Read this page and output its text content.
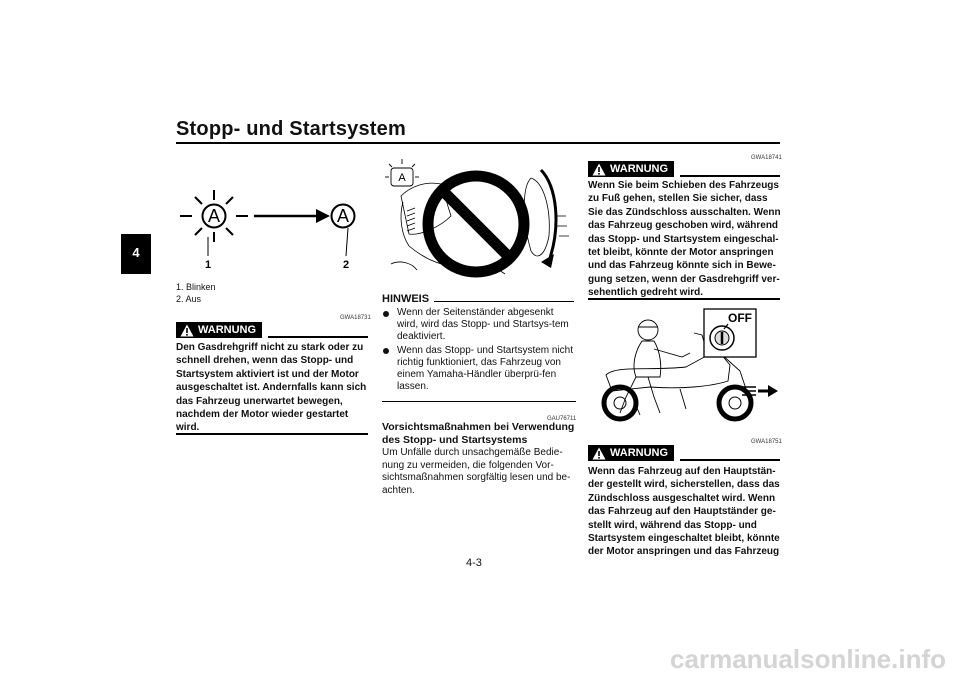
Stopp- und Startsystem
4
A	A
1	2
1. Blinken
2. Aus
GWA18731
WARNUNG
Den Gasdrehgriff nicht zu stark oder zu schnell drehen, wenn das Stopp- und Startsystem aktiviert ist und der Motor ausgeschaltet ist. Andernfalls kann sich das Fahrzeug unerwartet bewegen, nachdem der Motor wieder gestartet wird.
A
HINWEIS
Wenn der Seitenständer abgesenkt wird, wird das Stopp- und Startsys-tem deaktiviert.
Wenn das Stopp- und Startsystem nicht richtig funktioniert, das Fahrzeug von einem Yamaha-Händler überprü-fen lassen.
GAU76711
Vorsichtsmaßnahmen bei Verwendung des Stopp- und Startsystems
Um Unfälle durch unsachgemäße Bedie-nung zu vermeiden, die folgenden Vor-sichtsmaßnahmen sorgfältig lesen und be-achten.
GWA18741
WARNUNG
Wenn Sie beim Schieben des Fahrzeugs zu Fuß gehen, stellen Sie sicher, dass Sie das Zündschloss ausschalten. Wenn das Fahrzeug geschoben wird, während das Stopp- und Startsystem eingeschal-tet bleibt, könnte der Motor anspringen und das Fahrzeug könnte sich in Bewe-gung setzen, wenn der Gasdrehgriff ver-sehentlich gedreht wird.
OFF
GWA18751
WARNUNG
Wenn das Fahrzeug auf den Hauptstän-der gestellt wird, sicherstellen, dass das Zündschloss ausgeschaltet wird. Wenn das Fahrzeug auf den Hauptständer ge-stellt wird, während das Stopp- und Startsystem eingeschaltet bleibt, könnte der Motor anspringen und das Fahrzeug
4-3
carmanualsonline.info
